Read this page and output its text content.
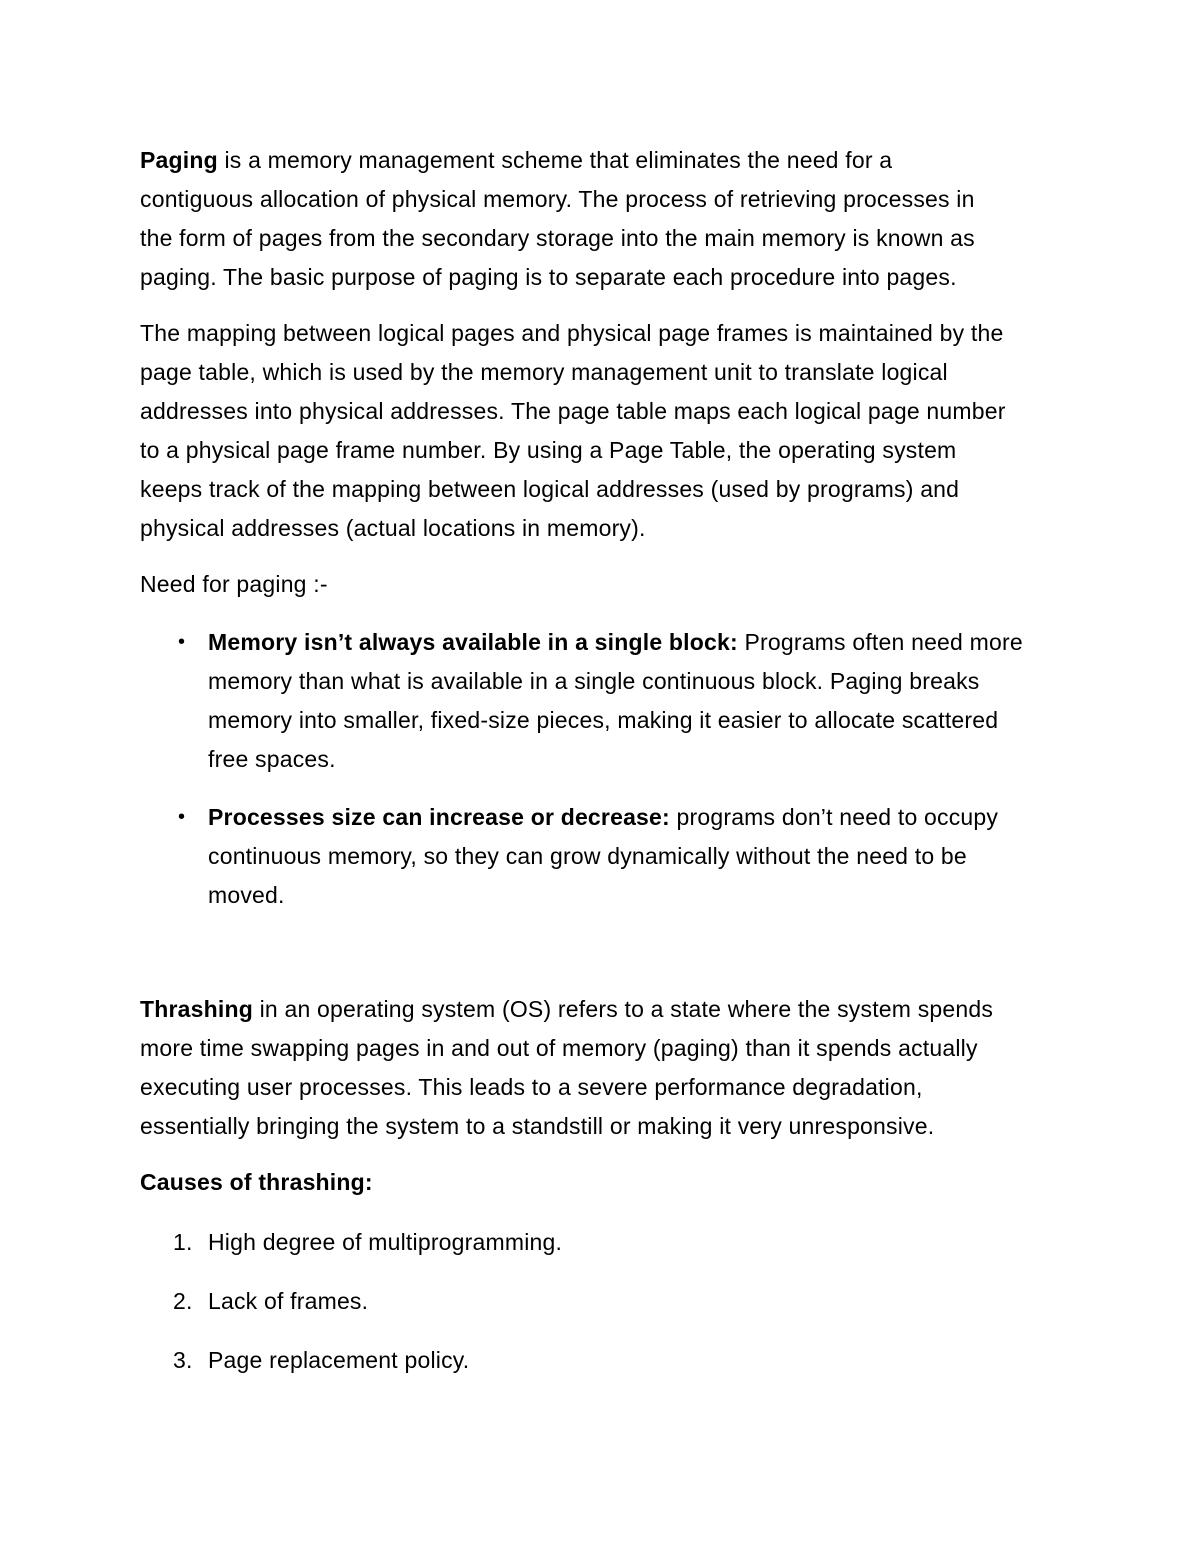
Paging is a memory management scheme that eliminates the need for a
contiguous allocation of physical memory. The process of retrieving processes in
the form of pages from the secondary storage into the main memory is known as
paging. The basic purpose of paging is to separate each procedure into pages.
The mapping between logical pages and physical page frames is maintained by the
page table, which is used by the memory management unit to translate logical
addresses into physical addresses. The page table maps each logical page number
to a physical page frame number. By using a Page Table, the operating system
keeps track of the mapping between logical addresses (used by programs) and
physical addresses (actual locations in memory).
Need for paging :-
• Memory isn’t always available in a single block: Programs often need more
memory than what is available in a single continuous block. Paging breaks
memory into smaller, fixed-size pieces, making it easier to allocate scattered
free spaces.
• Processes size can increase or decrease: programs don’t need to occupy
continuous memory, so they can grow dynamically without the need to be
moved.
Thrashing in an operating system (OS) refers to a state where the system spends
more time swapping pages in and out of memory (paging) than it spends actually
executing user processes. This leads to a severe performance degradation,
essentially bringing the system to a standstill or making it very unresponsive.
Causes of thrashing:
1. High degree of multiprogramming.
2. Lack of frames.
3. Page replacement policy.
